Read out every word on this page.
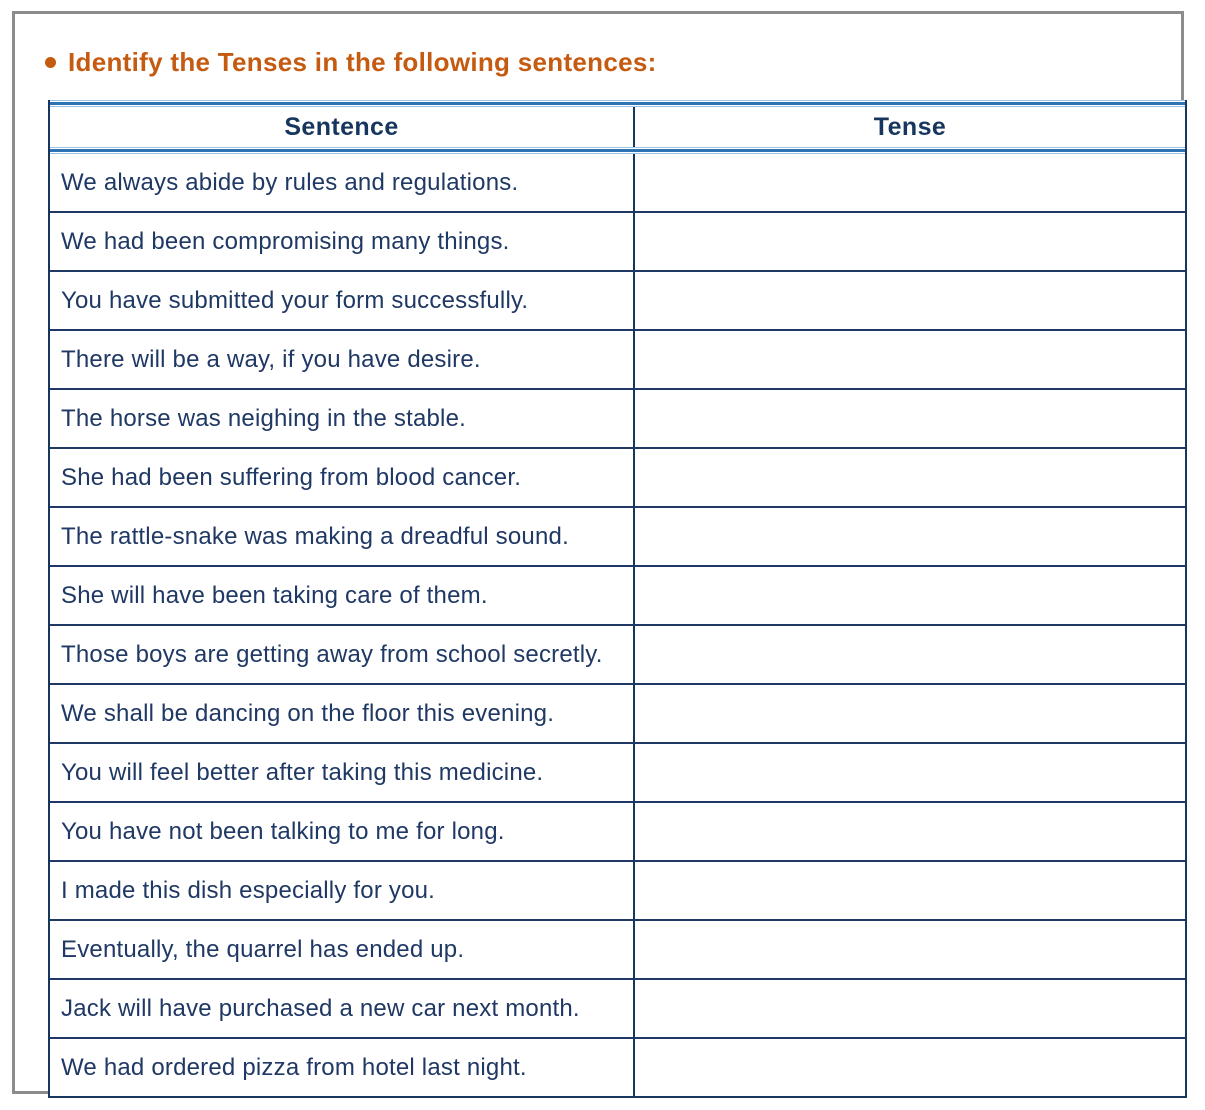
Identify the Tenses in the following sentences:
Sentence	Tense
We always abide by rules and regulations.
We had been compromising many things.
You have submitted your form successfully.
There will be a way, if you have desire.
The horse was neighing in the stable.
She had been suffering from blood cancer.
The rattle-snake was making a dreadful sound.
She will have been taking care of them.
Those boys are getting away from school secretly.
We shall be dancing on the floor this evening.
You will feel better after taking this medicine.
You have not been talking to me for long.
I made this dish especially for you.
Eventually, the quarrel has ended up.
Jack will have purchased a new car next month.
We had ordered pizza from hotel last night.
